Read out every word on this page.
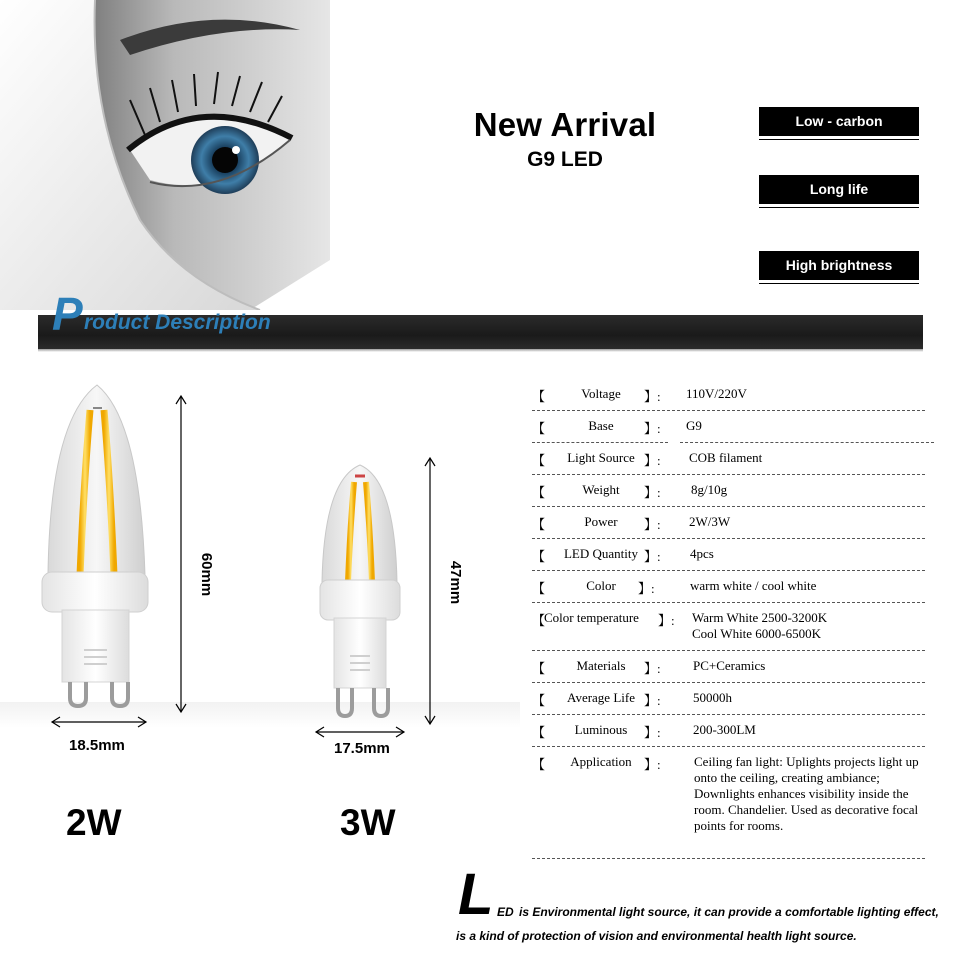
New Arrival
G9 LED
Low - carbon
Long life
High brightness
P roduct Description
60mm
18.5mm
2W
47mm
17.5mm
3W
【	Voltage	】: 110V/220V
【	Base	】: G9
【	Light Source 】: COB filament
【	Weight	】: 8g/10g
【	Power	】: 2W/3W
【	LED Quantity 】: 4pcs
【	Color	】:	warm white / cool white
【
Color temperature 】: Warm White 2500-3200K
Cool White 6000-6500K
【	Materials	】: PC+Ceramics
【	Average Life 】: 50000h
【	Luminous	】: 200-300LM
【	Application 】:	Ceiling fan light: Uplights projects light up onto the ceiling, creating ambiance; Downlights enhances visibility inside the room. Chandelier. Used as decorative focal points for rooms.
L ED is Environmental light source, it can provide a comfortable lighting effect,
is a kind of protection of vision and environmental health light source.
